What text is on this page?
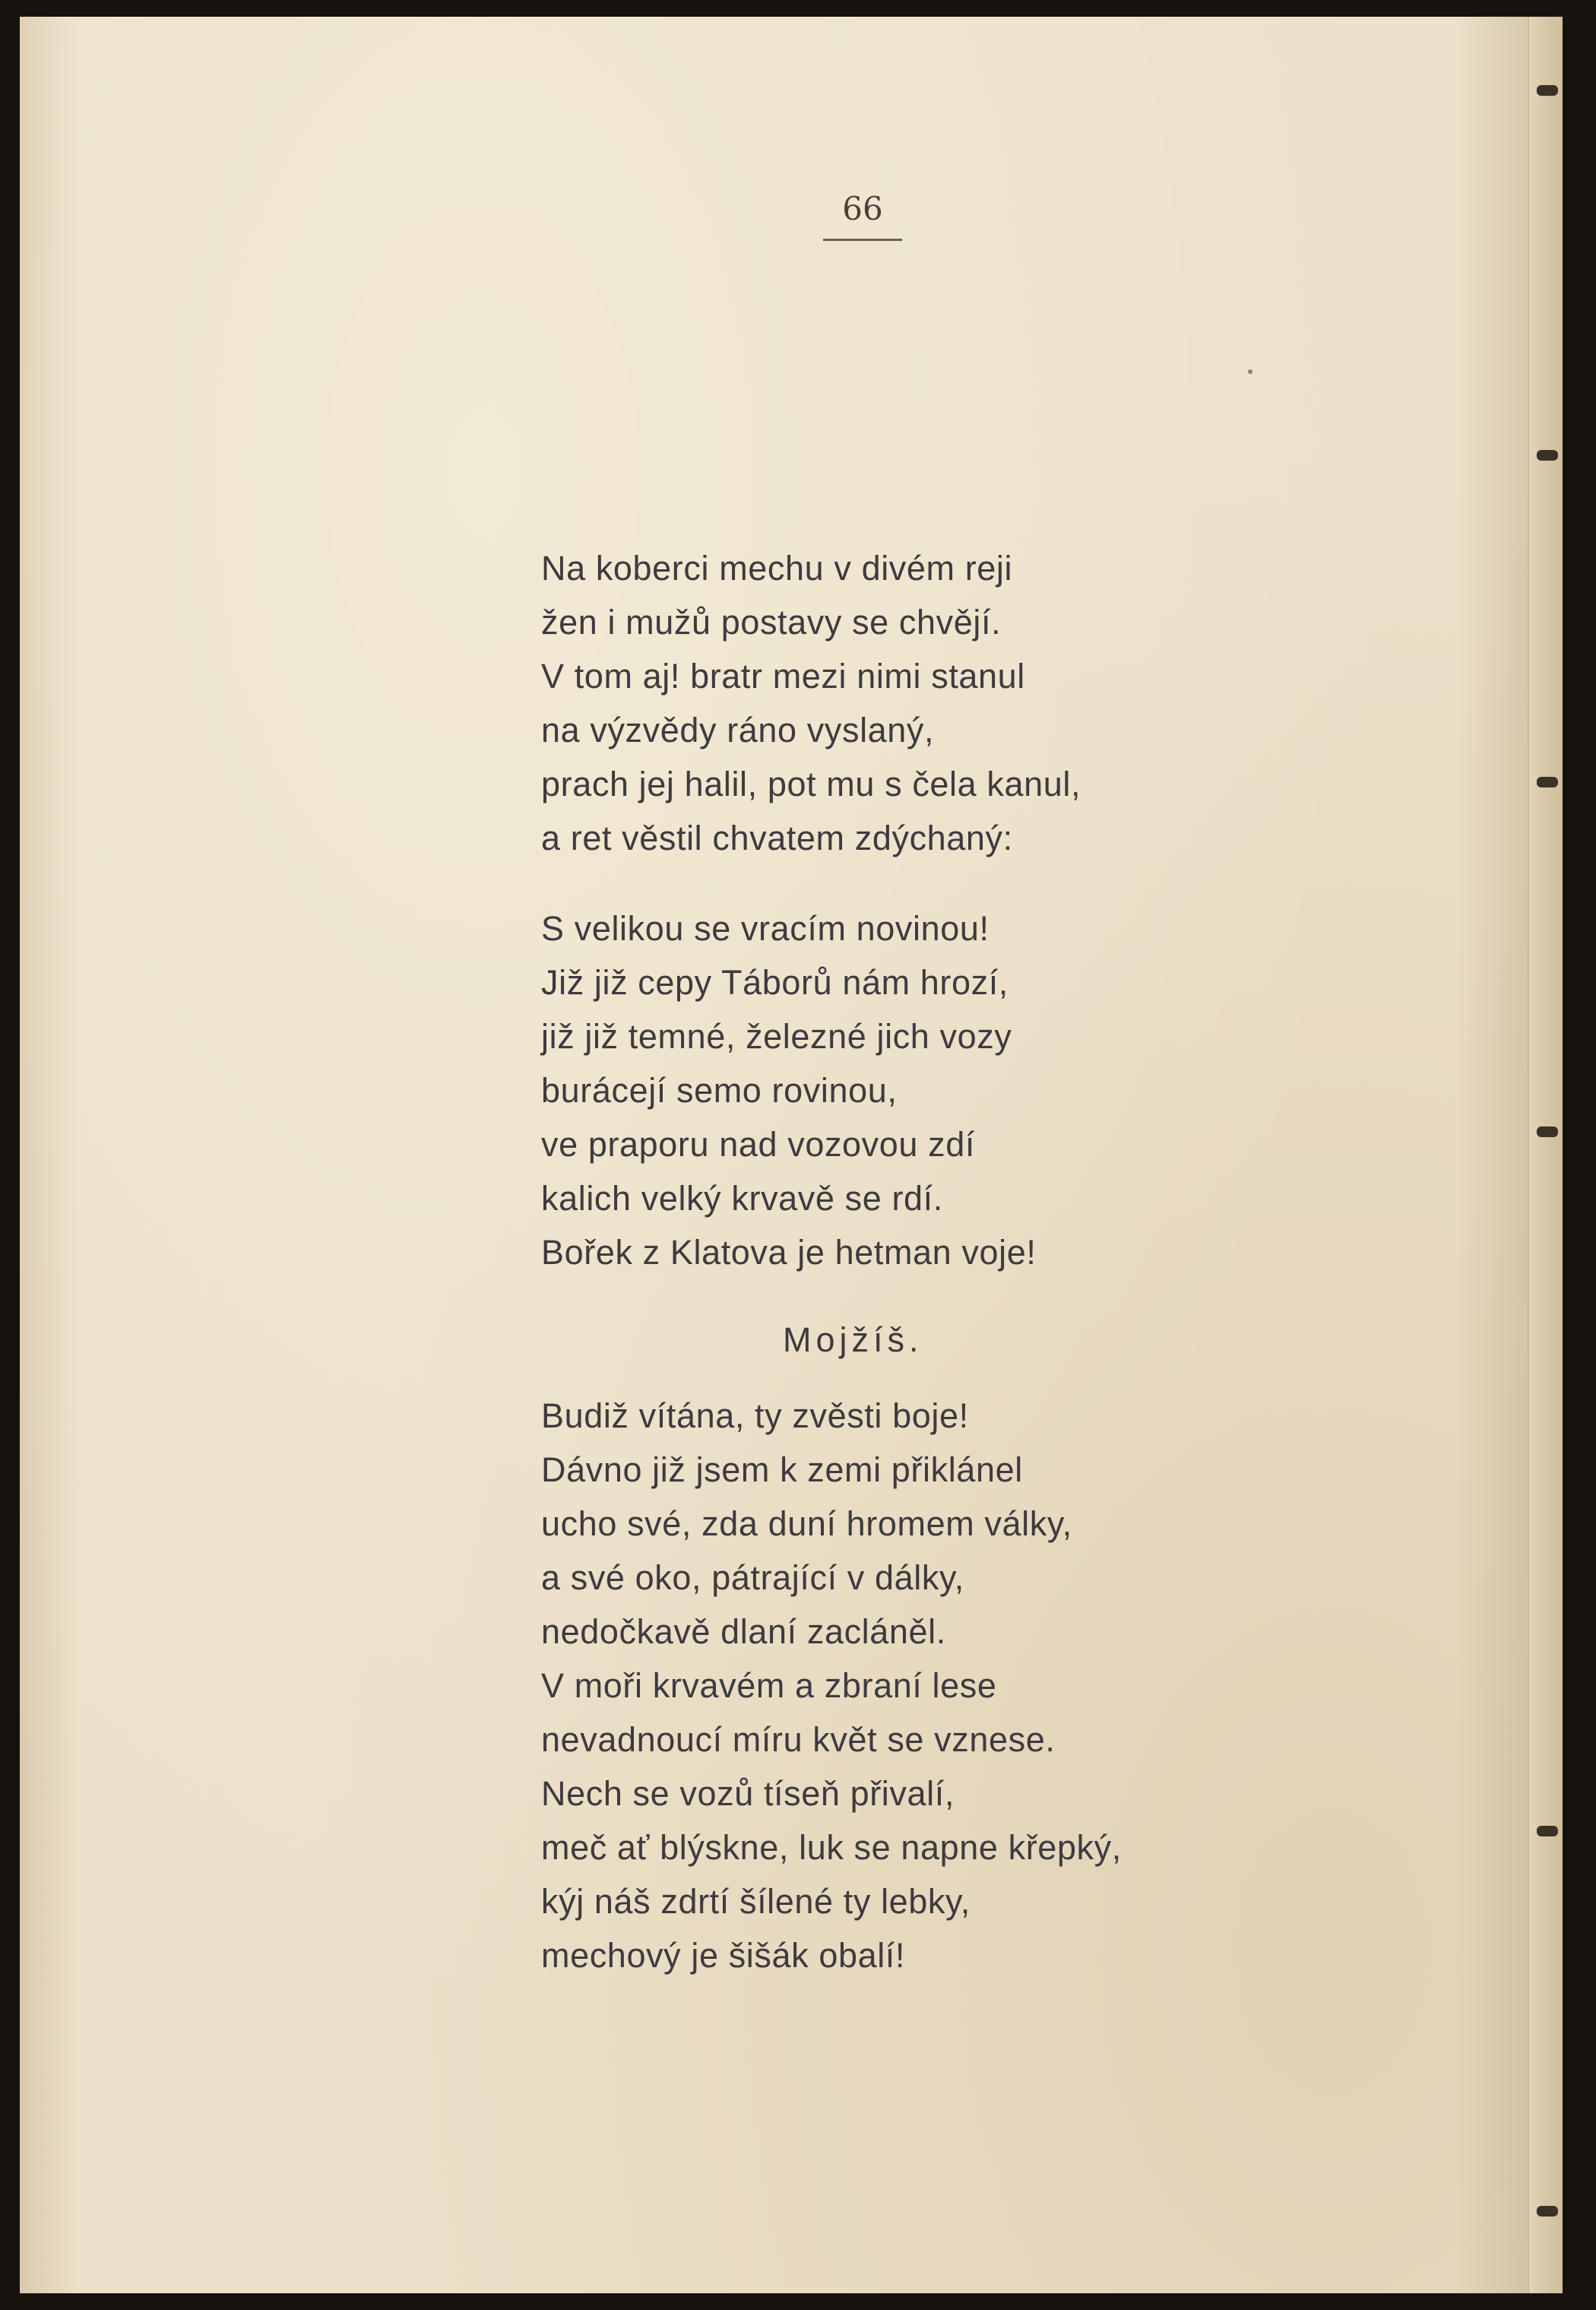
66
Na koberci mechu v divém reji
žen i mužů postavy se chvějí.
V tom aj! bratr mezi nimi stanul
na výzvědy ráno vyslaný,
prach jej halil, pot mu s čela kanul,
a ret věstil chvatem zdýchaný:
S velikou se vracím novinou!
Již již cepy Táborů nám hrozí,
již již temné, železné jich vozy
burácejí semo rovinou,
ve praporu nad vozovou zdí
kalich velký krvavě se rdí.
Bořek z Klatova je hetman voje!
Mojžíš.
Budiž vítána, ty zvěsti boje!
Dávno již jsem k zemi přiklánel
ucho své, zda duní hromem války,
a své oko, pátrající v dálky,
nedočkavě dlaní zacláněl.
V moři krvavém a zbraní lese
nevadnoucí míru květ se vznese.
Nech se vozů tíseň přivalí,
meč ať blýskne, luk se napne křepký,
kýj náš zdrtí šílené ty lebky,
mechový je šišák obalí!
